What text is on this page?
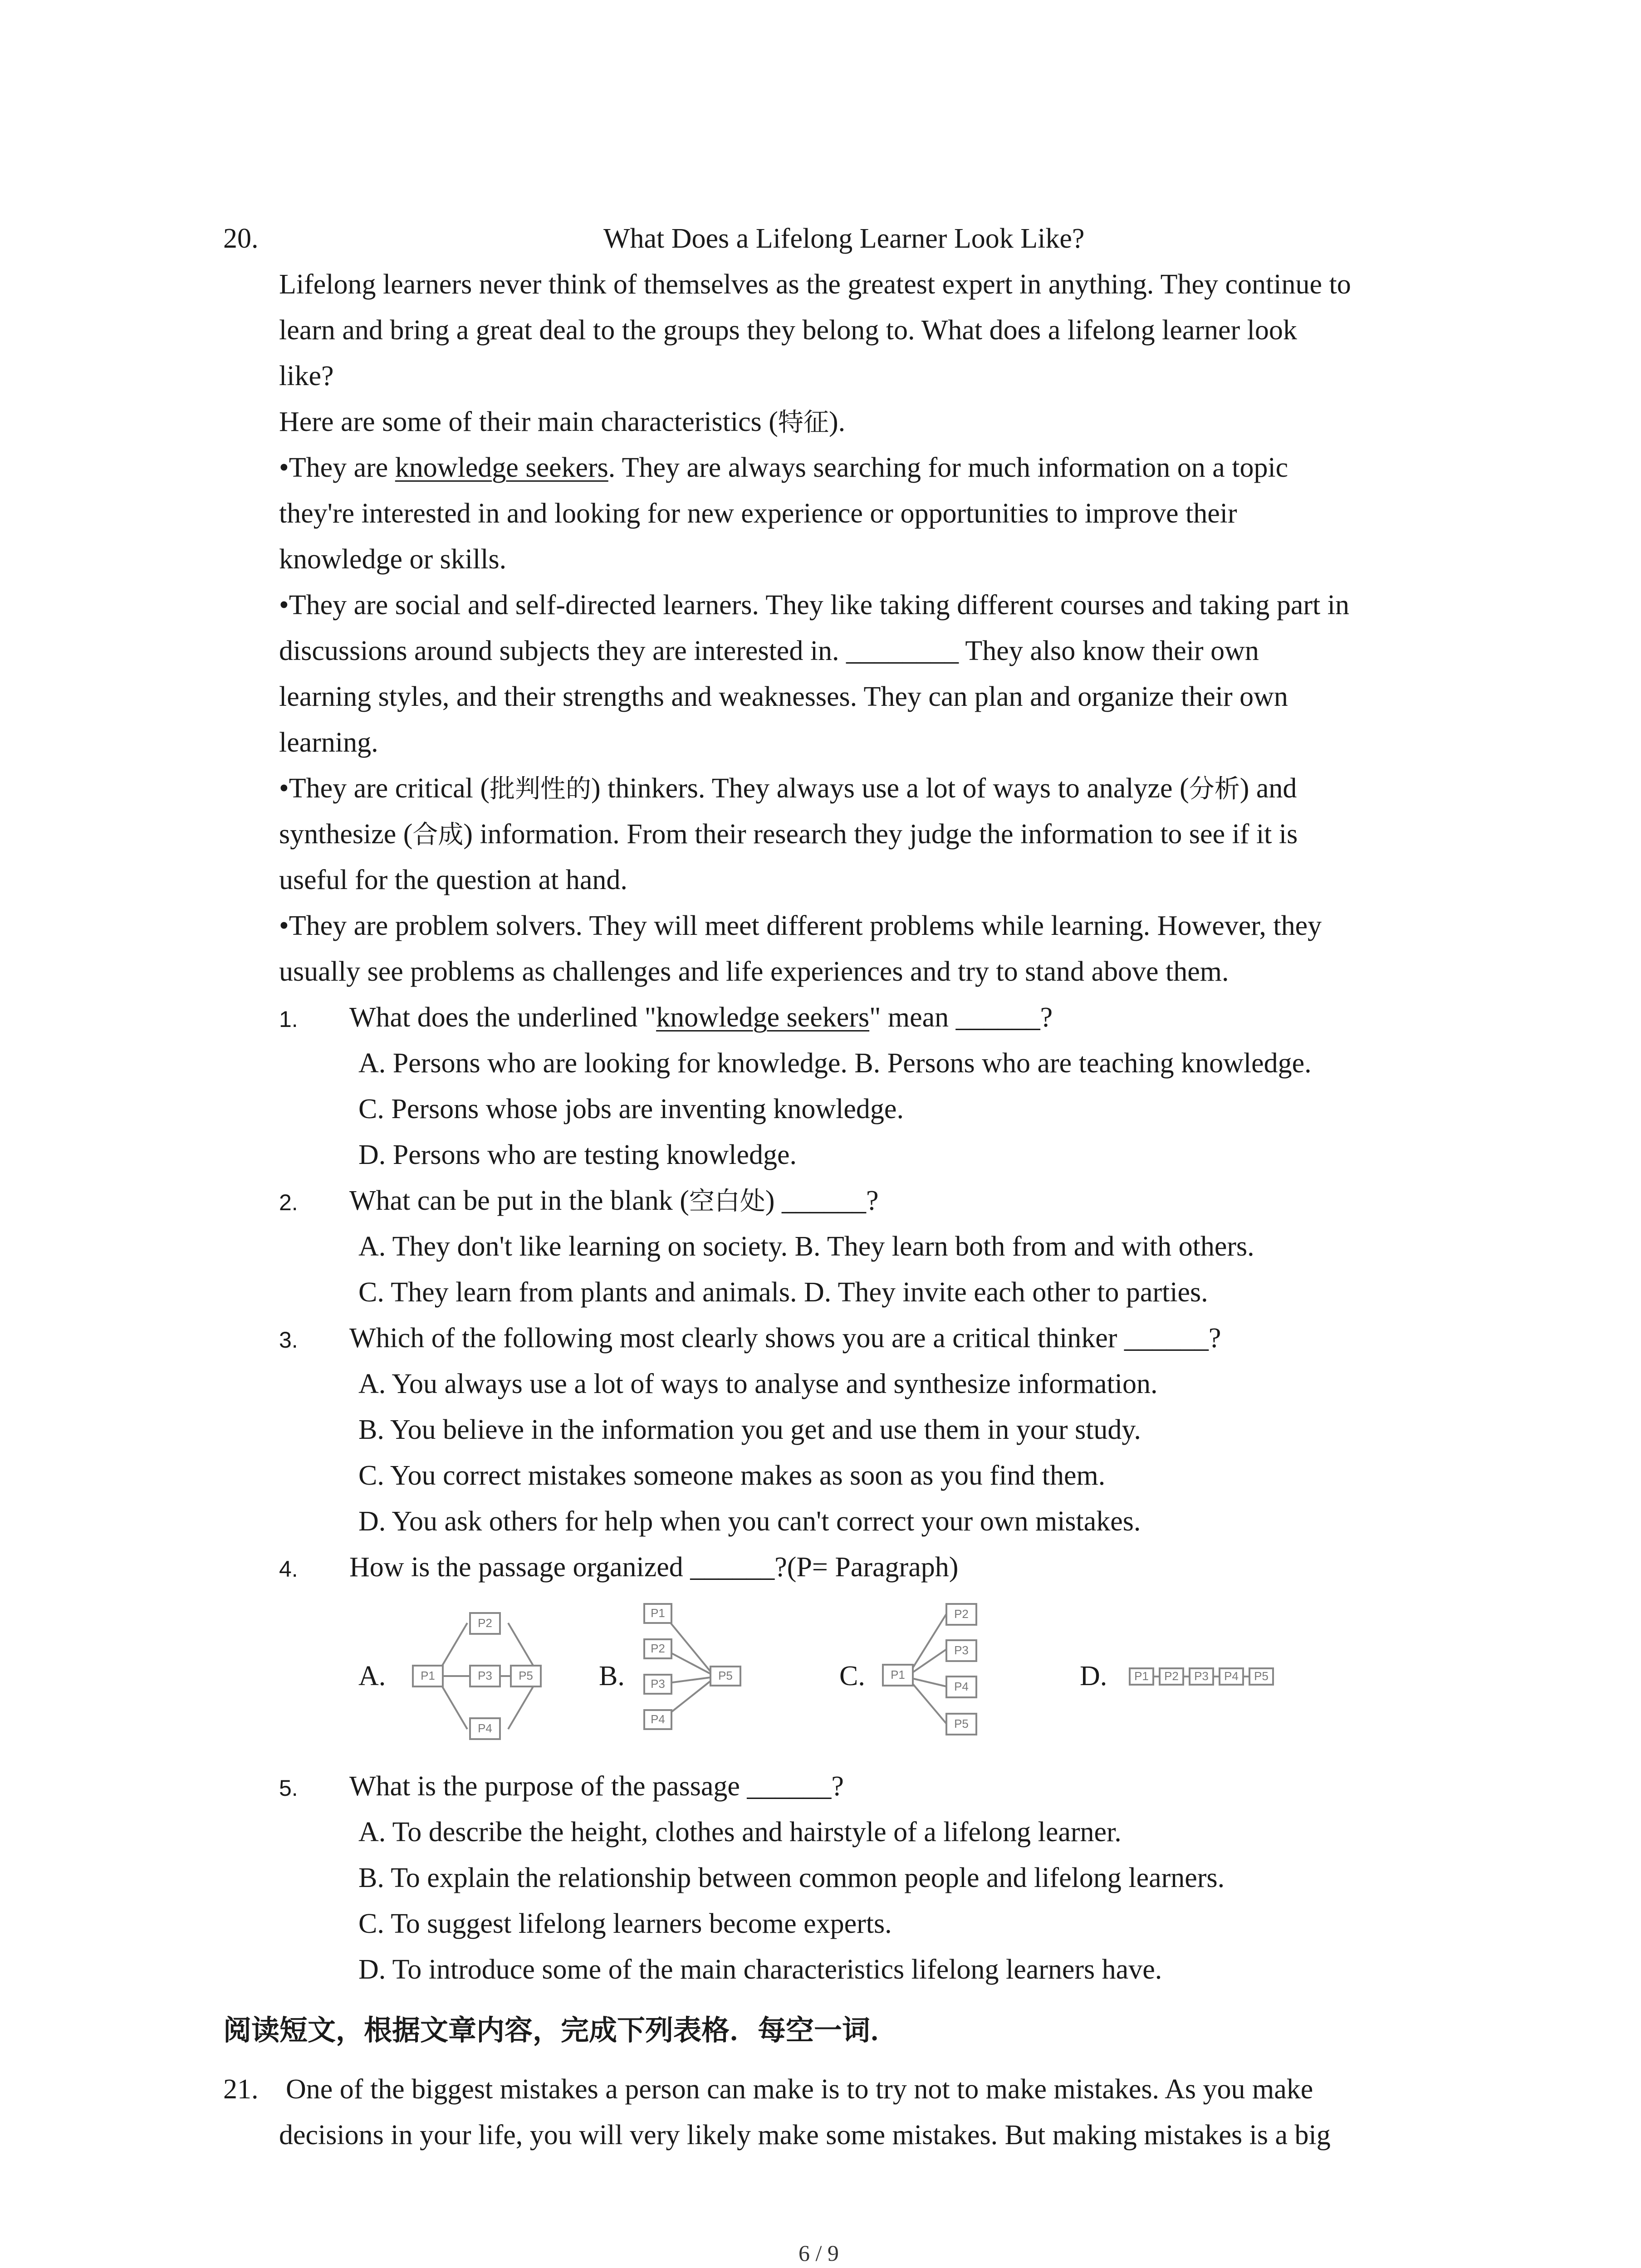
20.	What Does a Lifelong Learner Look Like?
Lifelong learners never think of themselves as the greatest expert in anything. They continue to
learn and bring a great deal to the groups they belong to. What does a lifelong learner look
like?
Here are some of their main characteristics (特征).
•They are knowledge seekers. They are always searching for much information on a topic
they're interested in and looking for new experience or opportunities to improve their
knowledge or skills.
•They are social and self-directed learners. They like taking different courses and taking part in
discussions around subjects they are interested in. ________ They also know their own
learning styles, and their strengths and weaknesses. They can plan and organize their own
learning.
•They are critical (批判性的) thinkers. They always use a lot of ways to analyze (分析) and
synthesize (合成) information. From their research they judge the information to see if it is
useful for the question at hand.
•They are problem solvers. They will meet different problems while learning. However, they
usually see problems as challenges and life experiences and try to stand above them.
1. What does the underlined "knowledge seekers" mean ______?
A. Persons who are looking for knowledge. B. Persons who are teaching knowledge.
C. Persons whose jobs are inventing knowledge.
D. Persons who are testing knowledge.
2. What can be put in the blank (空白处) ______?
A. They don't like learning on society. B. They learn both from and with others.
C. They learn from plants and animals. D. They invite each other to parties.
3. Which of the following most clearly shows you are a critical thinker ______?
A. You always use a lot of ways to analyse and synthesize information.
B. You believe in the information you get and use them in your study.
C. You correct mistakes someone makes as soon as you find them.
D. You ask others for help when you can't correct your own mistakes.
4. How is the passage organized ______?(P= Paragraph)
A.	P1
P2
P3
P4
P5 B.
P1
P2
P3
P4
P5	C. P1
P2
P3
P4
P5
D. P1 P2 P3 P4 P5
5. What is the purpose of the passage ______?
A. To describe the height, clothes and hairstyle of a lifelong learner.
B. To explain the relationship between common people and lifelong learners.
C. To suggest lifelong learners become experts.
D. To introduce some of the main characteristics lifelong learners have.
阅读短文，根据文章内容，完成下列表格．每空一词．
21. One of the biggest mistakes a person can make is to try not to make mistakes. As you make
decisions in your life, you will very likely make some mistakes. But making mistakes is a big
6 / 9
